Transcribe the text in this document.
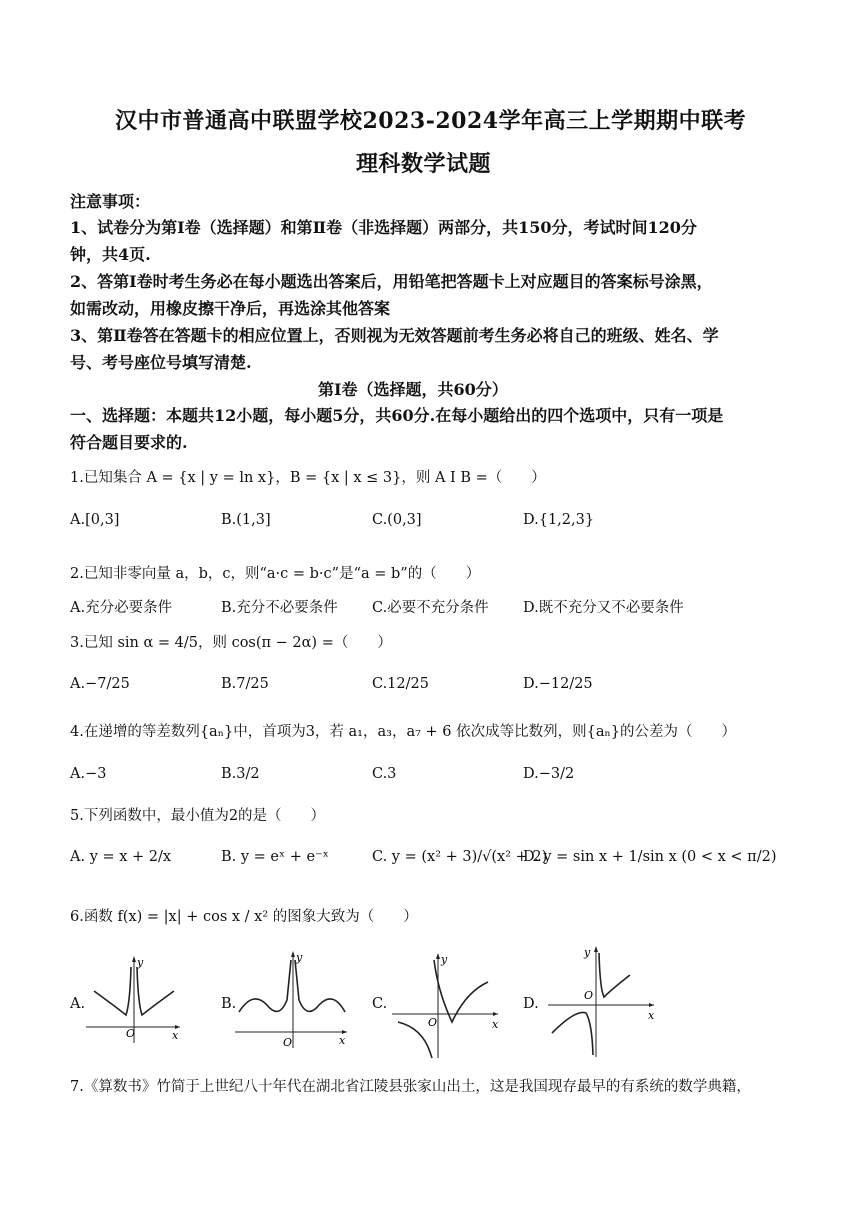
汉中市普通高中联盟学校2023-2024学年高三上学期期中联考
理科数学试题
注意事项：
1、试卷分为第Ⅰ卷（选择题）和第Ⅱ卷（非选择题）两部分，共150分，考试时间120分
钟，共4页.
2、答第Ⅰ卷时考生务必在每小题选出答案后，用铅笔把答题卡上对应题目的答案标号涂黑，
如需改动，用橡皮擦干净后，再选涂其他答案
3、第Ⅱ卷答在答题卡的相应位置上，否则视为无效答题前考生务必将自己的班级、姓名、学
号、考号座位号填写清楚.
第Ⅰ卷（选择题，共60分）
一、选择题：本题共12小题，每小题5分，共60分.在每小题给出的四个选项中，只有一项是
符合题目要求的.
1.已知集合 A = {x | y = ln x}，B = {x | x ≤ 3}，则 A I B =（　　）
A.[0,3]	B.(1,3]	C.(0,3]	D.{1,2,3}
2.已知非零向量 a，b，c，则“a·c = b·c”是“a = b”的（　　）
A.充分必要条件	B.充分不必要条件 C.必要不充分条件 D.既不充分又不必要条件
3.已知 sin α = 4/5，则 cos(π − 2α) =（　　）
A.−7/25	B.7/25	C.12/25	D.−12/25
4.在递增的等差数列{aₙ}中，首项为3，若 a₁，a₃，a₇ + 6 依次成等比数列，则{aₙ}的公差为（　　）
A.−3	B.3/2	C.3	D.−3/2
5.下列函数中，最小值为2的是（　　）
A. y = x + 2/x	B. y = eˣ + e⁻ˣ	C. y = (x² + 3)/√(x² + 2)
D. y = sin x + 1/sin x (0 < x < π/2)
6.函数 f(x) = |x| + cos x / x² 的图象大致为（　　）
A.	B.	C.	D.
y
O	x
y
O	x
y
O	x
y
O
x
7.《算数书》竹简于上世纪八十年代在湖北省江陵县张家山出土，这是我国现存最早的有系统的数学典籍，
